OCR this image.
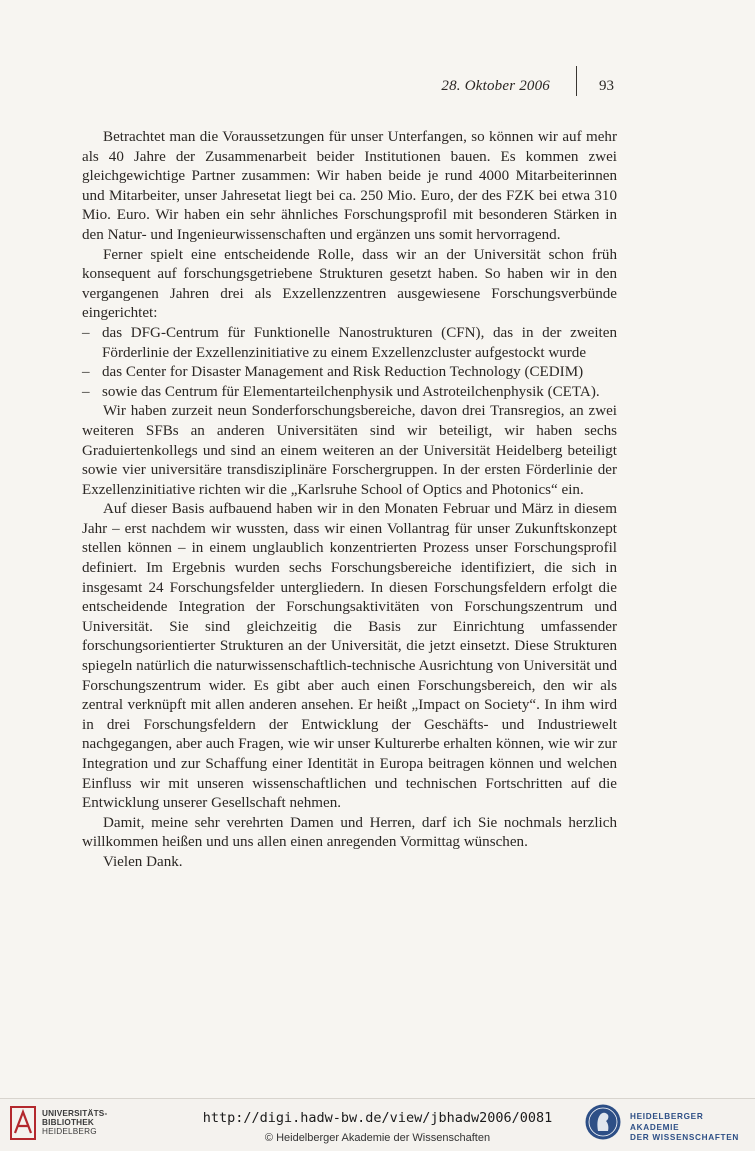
28. Oktober 2006	93

Betrachtet man die Voraussetzungen für unser Unterfangen, so können wir auf mehr als 40 Jahre der Zusammenarbeit beider Institutionen bauen. Es kommen zwei gleichgewichtige Partner zusammen: Wir haben beide je rund 4000 Mitarbeiterinnen und Mitarbeiter, unser Jahresetat liegt bei ca. 250 Mio. Euro, der des FZK bei etwa 310 Mio. Euro. Wir haben ein sehr ähnliches Forschungsprofil mit besonderen Stärken in den Natur- und Ingenieurwissenschaften und ergänzen uns somit hervorragend.

Ferner spielt eine entscheidende Rolle, dass wir an der Universität schon früh konsequent auf forschungsgetriebene Strukturen gesetzt haben. So haben wir in den vergangenen Jahren drei als Exzellenzzentren ausgewiesene Forschungsverbünde eingerichtet:

– das DFG-Centrum für Funktionelle Nanostrukturen (CFN), das in der zweiten Förderlinie der Exzellenzinitiative zu einem Exzellenzcluster aufgestockt wurde
– das Center for Disaster Management and Risk Reduction Technology (CEDIM)
– sowie das Centrum für Elementarteilchenphysik und Astroteilchenphysik (CETA).

Wir haben zurzeit neun Sonderforschungsbereiche, davon drei Transregios, an zwei weiteren SFBs an anderen Universitäten sind wir beteiligt, wir haben sechs Graduiertenkollegs und sind an einem weiteren an der Universität Heidelberg beteiligt sowie vier universitäre transdisziplinäre Forschergruppen. In der ersten Förderlinie der Exzellenzinitiative richten wir die „Karlsruhe School of Optics and Photonics“ ein.

Auf dieser Basis aufbauend haben wir in den Monaten Februar und März in diesem Jahr – erst nachdem wir wussten, dass wir einen Vollantrag für unser Zukunftskonzept stellen können – in einem unglaublich konzentrierten Prozess unser Forschungsprofil definiert. Im Ergebnis wurden sechs Forschungsbereiche identifiziert, die sich in insgesamt 24 Forschungsfelder untergliedern. In diesen Forschungsfeldern erfolgt die entscheidende Integration der Forschungsaktivitäten von Forschungszentrum und Universität. Sie sind gleichzeitig die Basis zur Einrichtung umfassender forschungsorientierter Strukturen an der Universität, die jetzt einsetzt. Diese Strukturen spiegeln natürlich die naturwissenschaftlich-technische Ausrichtung von Universität und Forschungszentrum wider. Es gibt aber auch einen Forschungsbereich, den wir als zentral verknüpft mit allen anderen ansehen. Er heißt „Impact on Society“. In ihm wird in drei Forschungsfeldern der Entwicklung der Geschäfts- und Industriewelt nachgegangen, aber auch Fragen, wie wir unser Kulturerbe erhalten können, wie wir zur Integration und zur Schaffung einer Identität in Europa beitragen können und welchen Einfluss wir mit unseren wissenschaftlichen und technischen Fortschritten auf die Entwicklung unserer Gesellschaft nehmen.

Damit, meine sehr verehrten Damen und Herren, darf ich Sie nochmals herzlich willkommen heißen und uns allen einen anregenden Vormittag wünschen.

Vielen Dank.

UNIVERSITÄTS-
BIBLIOTHEK
HEIDELBERG
http://digi.hadw-bw.de/view/jbhadw2006/0081
© Heidelberger Akademie der Wissenschaften
HEIDELBERGER AKADEMIE
DER WISSENSCHAFTEN
